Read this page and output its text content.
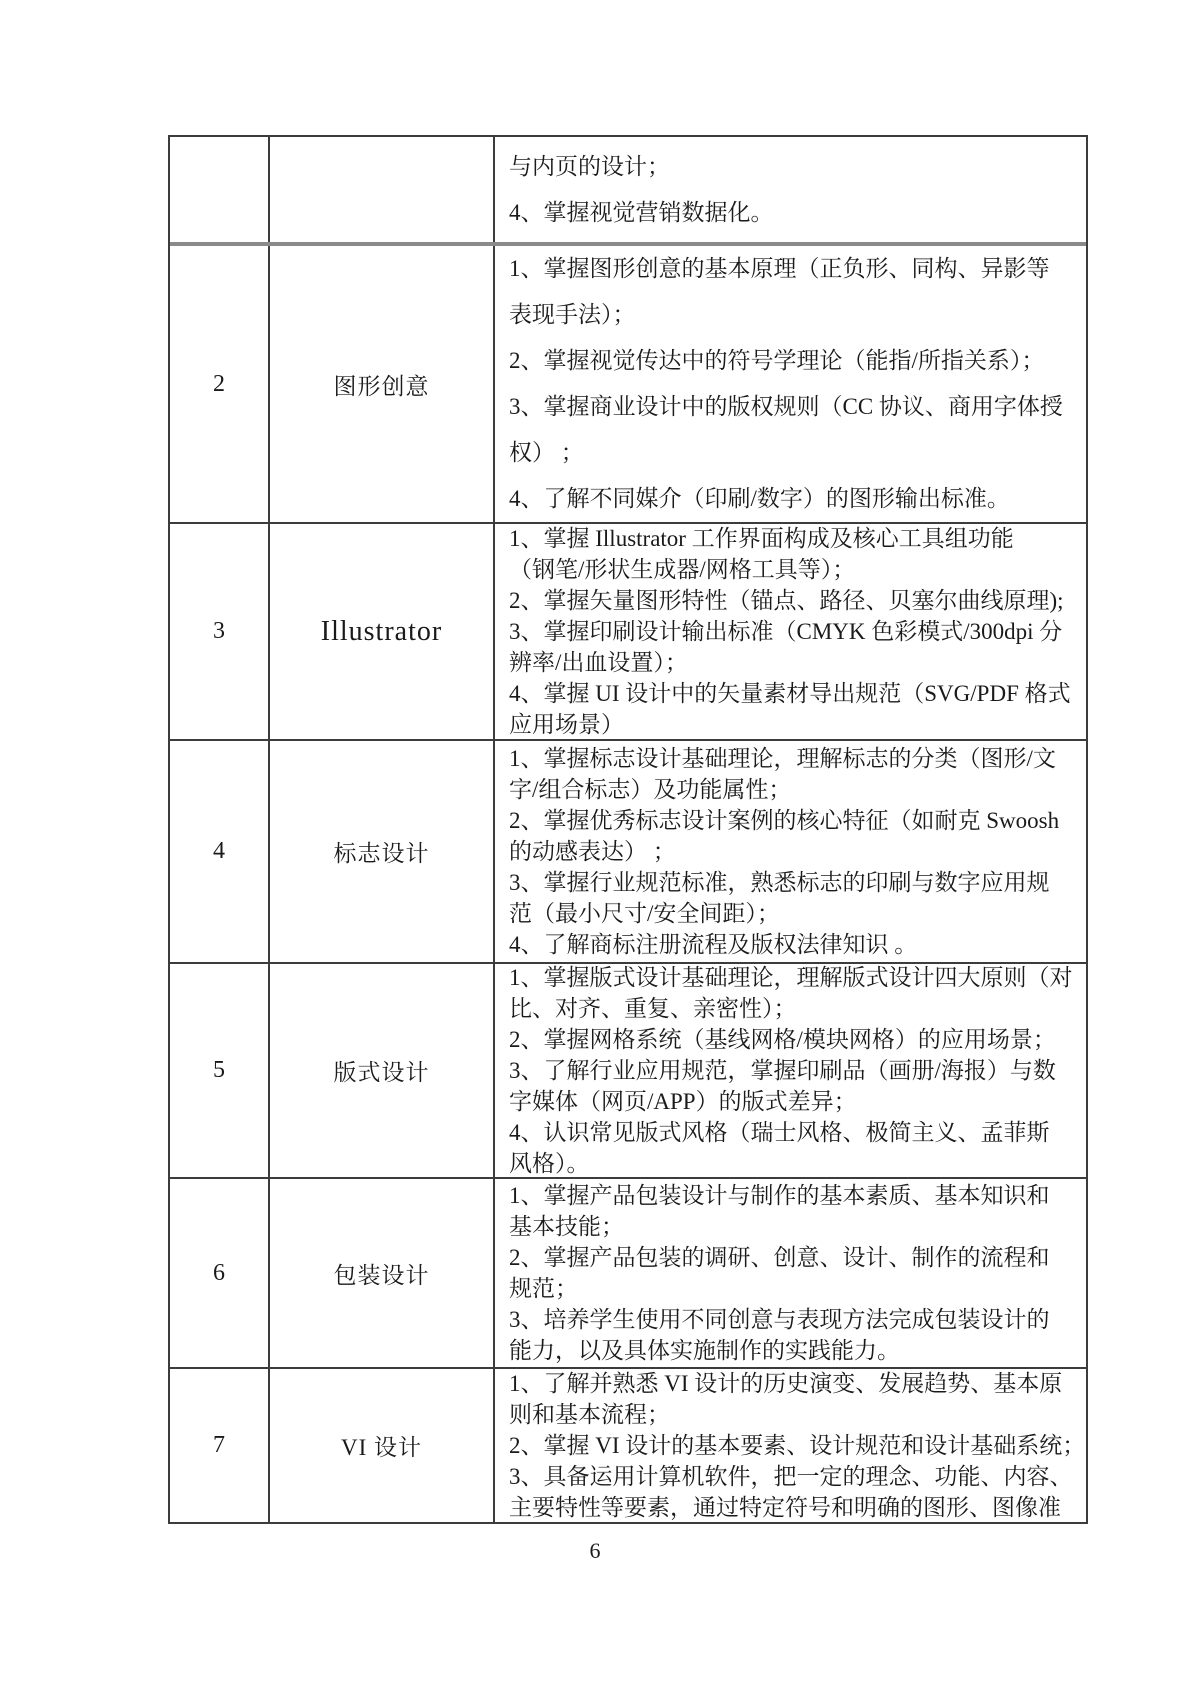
与内页的设计；
4、掌握视觉营销数据化。
2	图形创意
1、掌握图形创意的基本原理（正负形、同构、异影等
表现手法）；
2、掌握视觉传达中的符号学理论（能指/所指关系）；
3、掌握商业设计中的版权规则（CC 协议、商用字体授
权） ；
4、了解不同媒介（印刷/数字）的图形输出标准。
3	Illustrator
1、掌握 Illustrator 工作界面构成及核心工具组功能
（钢笔/形状生成器/网格工具等）；
2、掌握矢量图形特性（锚点、路径、贝塞尔曲线原理);
3、掌握印刷设计输出标准（CMYK 色彩模式/300dpi 分
辨率/出血设置）；
4、掌握 UI 设计中的矢量素材导出规范（SVG/PDF 格式
应用场景）
4	标志设计
1、掌握标志设计基础理论，理解标志的分类（图形/文
字/组合标志）及功能属性；
2、掌握优秀标志设计案例的核心特征（如耐克 Swoosh
的动感表达） ；
3、掌握行业规范标准，熟悉标志的印刷与数字应用规
范（最小尺寸/安全间距）；
4、了解商标注册流程及版权法律知识 。
5	版式设计
1、掌握版式设计基础理论，理解版式设计四大原则（对
比、对齐、重复、亲密性）；
2、掌握网格系统（基线网格/模块网格）的应用场景；
3、了解行业应用规范，掌握印刷品（画册/海报）与数
字媒体（网页/APP）的版式差异；
4、认识常见版式风格（瑞士风格、极简主义、孟菲斯
风格）。
6	包装设计
1、掌握产品包装设计与制作的基本素质、基本知识和
基本技能；
2、掌握产品包装的调研、创意、设计、制作的流程和
规范；
3、培养学生使用不同创意与表现方法完成包装设计的
能力，以及具体实施制作的实践能力。
7	VI 设计
1、了解并熟悉 VI 设计的历史演变、发展趋势、基本原
则和基本流程；
2、掌握 VI 设计的基本要素、设计规范和设计基础系统；
3、具备运用计算机软件，把一定的理念、功能、内容、
主要特性等要素，通过特定符号和明确的图形、图像准
6
